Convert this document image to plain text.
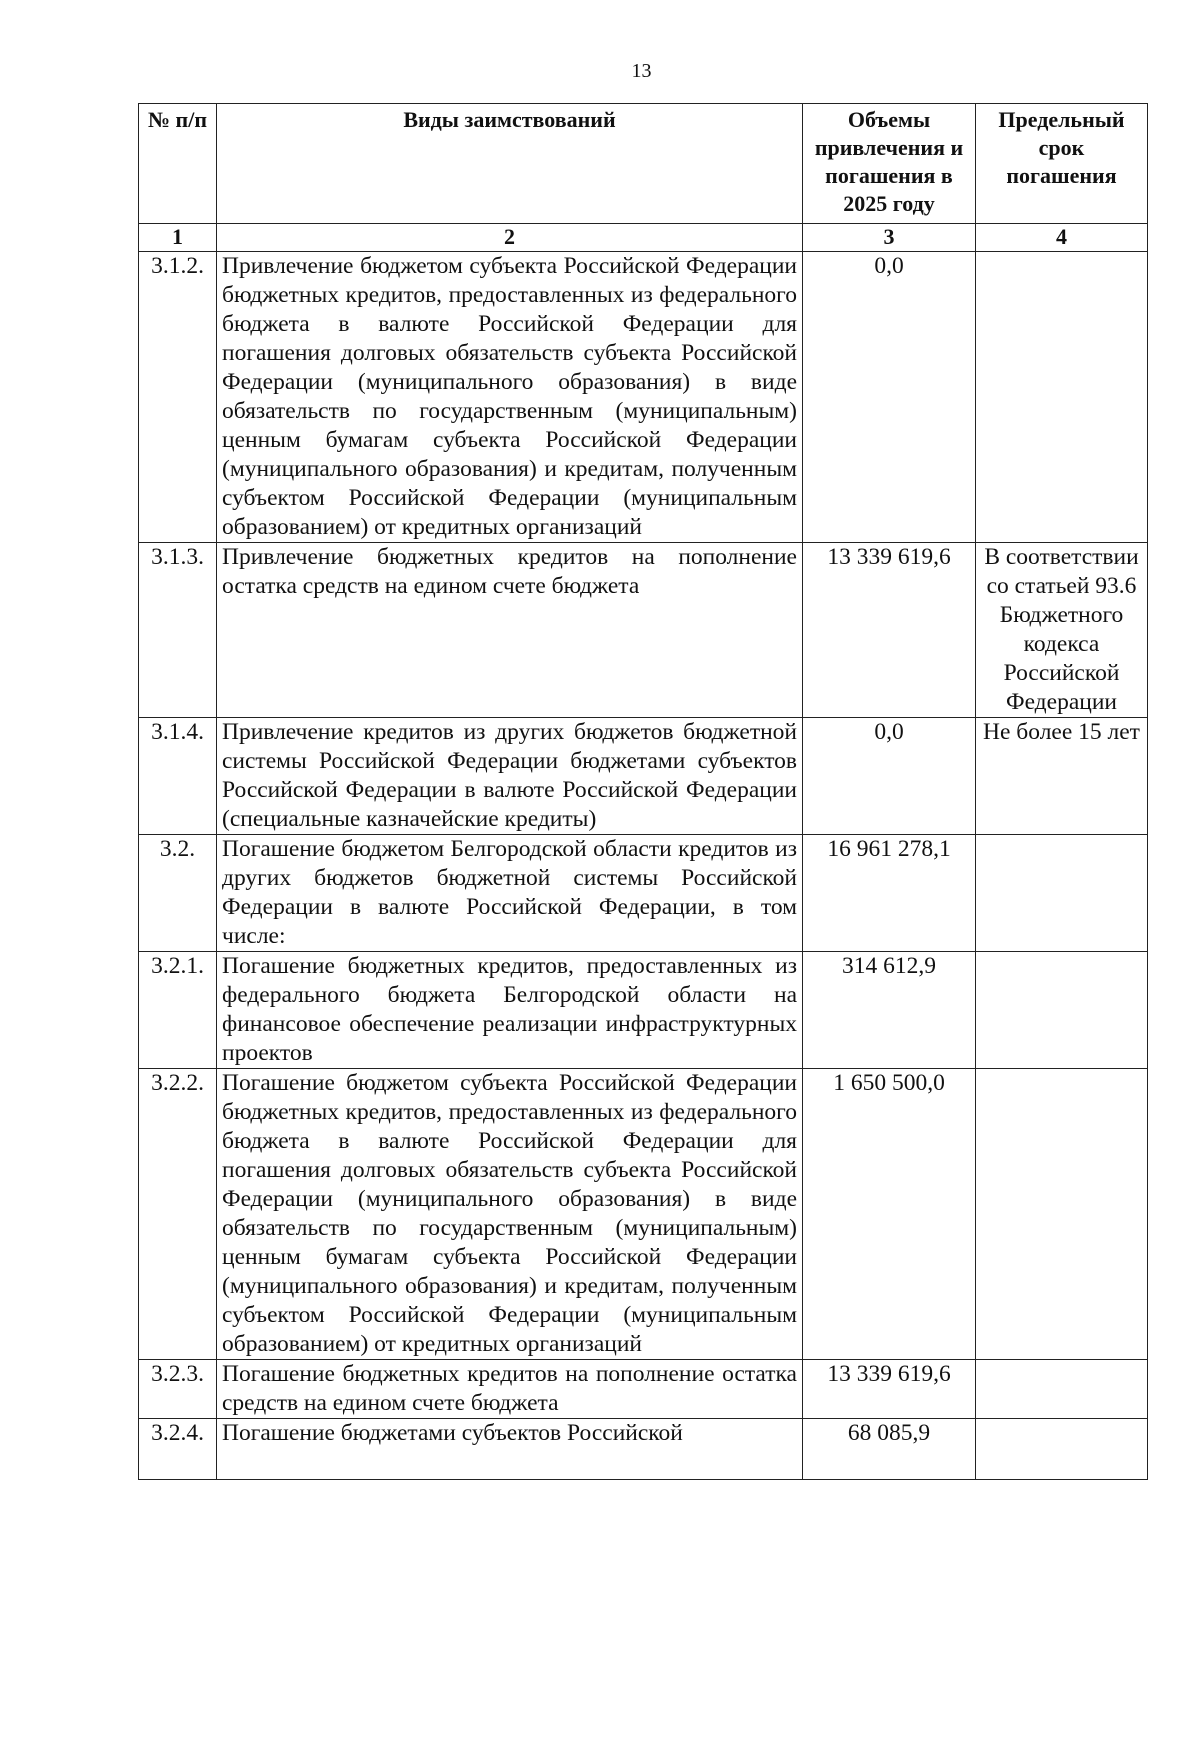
13
№ п/п	Виды заимствований	Объемы привлечения и погашения в 2025 году	Предельный срок погашения
1	2	3	4
3.1.2.	Привлечение бюджетом субъекта Российской Федерации бюджетных кредитов, предоставленных из федерального бюджета в валюте Российской Федерации для погашения долговых обязательств субъекта Российской Федерации (муниципального образования) в виде обязательств по государственным (муниципальным) ценным бумагам субъекта Российской Федерации (муниципального образования) и кредитам, полученным субъектом Российской Федерации (муниципальным образованием) от кредитных организаций	0,0	
3.1.3.	Привлечение бюджетных кредитов на пополнение остатка средств на едином счете бюджета	13 339 619,6	В соответствии со статьей 93.6 Бюджетного кодекса Российской Федерации
3.1.4.	Привлечение кредитов из других бюджетов бюджетной системы Российской Федерации бюджетами субъектов Российской Федерации в валюте Российской Федерации (специальные казначейские кредиты)	0,0	Не более 15 лет
3.2.	Погашение бюджетом Белгородской области кредитов из других бюджетов бюджетной системы Российской Федерации в валюте Российской Федерации, в том числе:	16 961 278,1	
3.2.1.	Погашение бюджетных кредитов, предоставленных из федерального бюджета Белгородской области на финансовое обеспечение реализации инфраструктурных проектов	314 612,9	
3.2.2.	Погашение бюджетом субъекта Российской Федерации бюджетных кредитов, предоставленных из федерального бюджета в валюте Российской Федерации для погашения долговых обязательств субъекта Российской Федерации (муниципального образования) в виде обязательств по государственным (муниципальным) ценным бумагам субъекта Российской Федерации (муниципального образования) и кредитам, полученным субъектом Российской Федерации (муниципальным образованием) от кредитных организаций	1 650 500,0	
3.2.3.	Погашение бюджетных кредитов на пополнение остатка средств на едином счете бюджета	13 339 619,6	
3.2.4.	Погашение бюджетами субъектов Российской	68 085,9	
